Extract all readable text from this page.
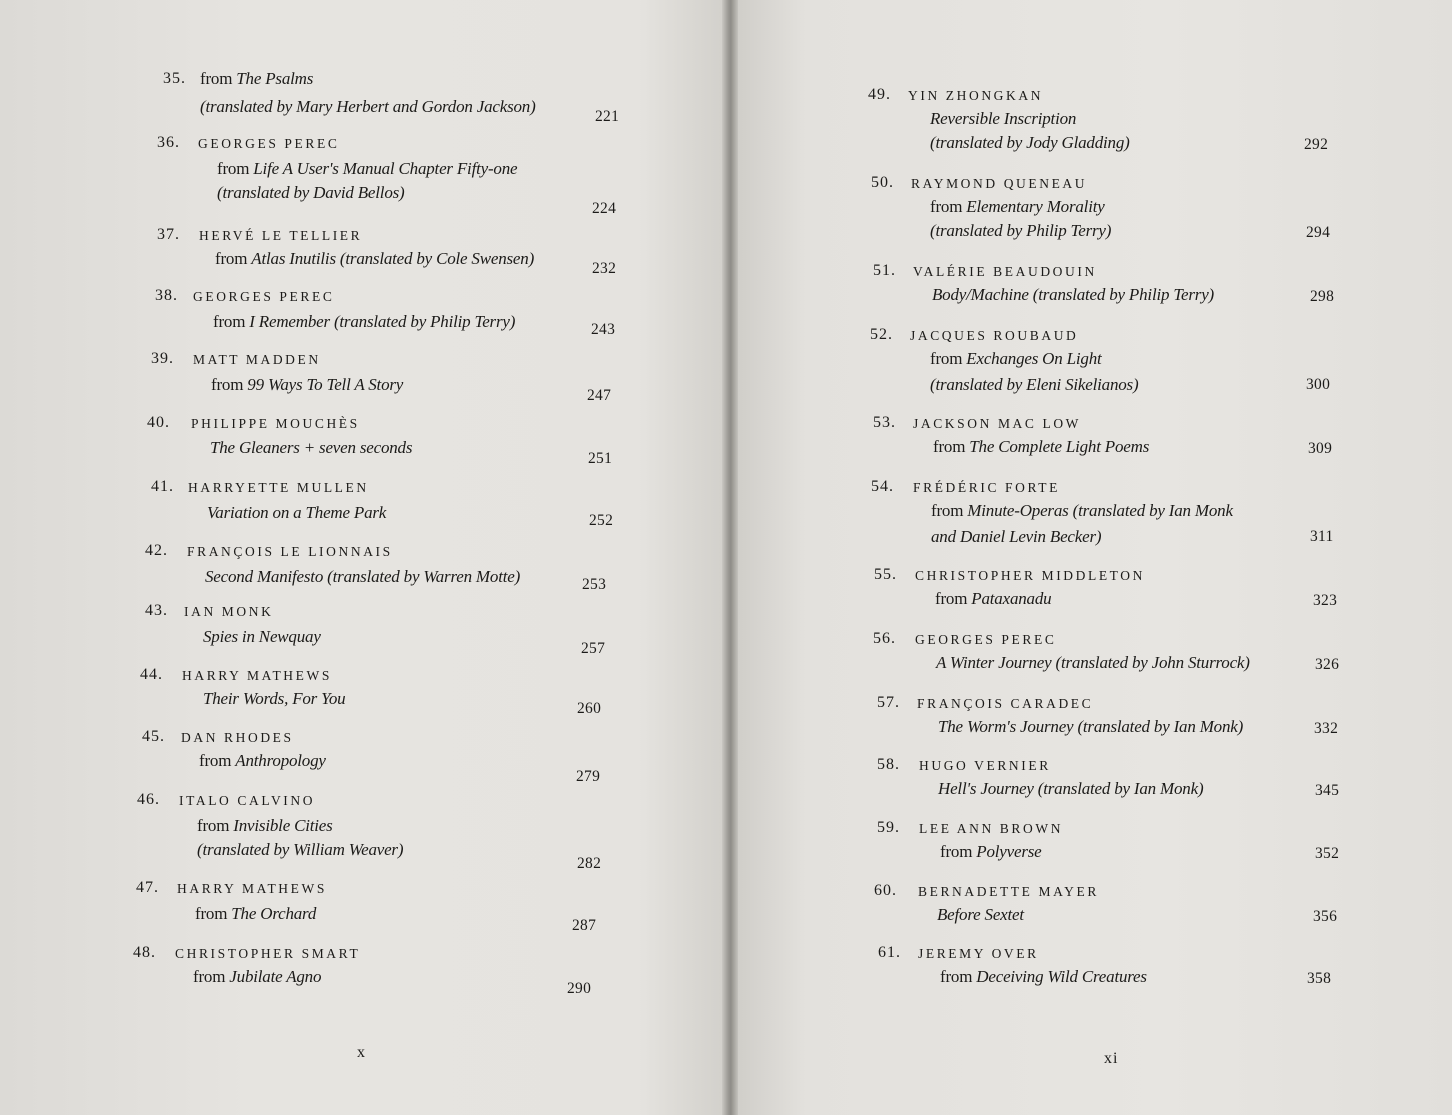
35. from The Psalms
(translated by Mary Herbert and Gordon Jackson)
221
36. GEORGES PEREC
from Life A User's Manual Chapter Fifty-one
(translated by David Bellos)
224
37. HERVÉ LE TELLIER
from Atlas Inutilis (translated by Cole Swensen)
232
38. GEORGES PEREC
from I Remember (translated by Philip Terry)	243
39. MATT MADDEN
from 99 Ways To Tell A Story
247
40. PHILIPPE MOUCHÈS
The Gleaners + seven seconds
251
41. HARRYETTE MULLEN
Variation on a Theme Park	252
42. FRANÇOIS LE LIONNAIS
Second Manifesto (translated by Warren Motte)	253
43. IAN MONK
Spies in Newquay
257
44. HARRY MATHEWS
Their Words, For You
260
45. DAN RHODES
from Anthropology
279
46. ITALO CALVINO
from Invisible Cities
(translated by William Weaver)
282
47. HARRY MATHEWS
from The Orchard
287
48. CHRISTOPHER SMART
from Jubilate Agno
290
x
49. YIN ZHONGKAN
Reversible Inscription
(translated by Jody Gladding)	292
50. RAYMOND QUENEAU
from Elementary Morality
(translated by Philip Terry)	294
51. VALÉRIE BEAUDOUIN
Body/Machine (translated by Philip Terry)	298
52. JACQUES ROUBAUD
from Exchanges On Light
(translated by Eleni Sikelianos)	300
53. JACKSON MAC LOW
from The Complete Light Poems	309
54. FRÉDÉRIC FORTE
from Minute-Operas (translated by Ian Monk
and Daniel Levin Becker)	311
55. CHRISTOPHER MIDDLETON
from Pataxanadu	323
56. GEORGES PEREC
A Winter Journey (translated by John Sturrock)	326
57. FRANÇOIS CARADEC
The Worm's Journey (translated by Ian Monk)	332
58. HUGO VERNIER
Hell's Journey (translated by Ian Monk)	345
59. LEE ANN BROWN
from Polyverse	352
60. BERNADETTE MAYER
Before Sextet	356
61. JEREMY OVER
from Deceiving Wild Creatures	358
xi
